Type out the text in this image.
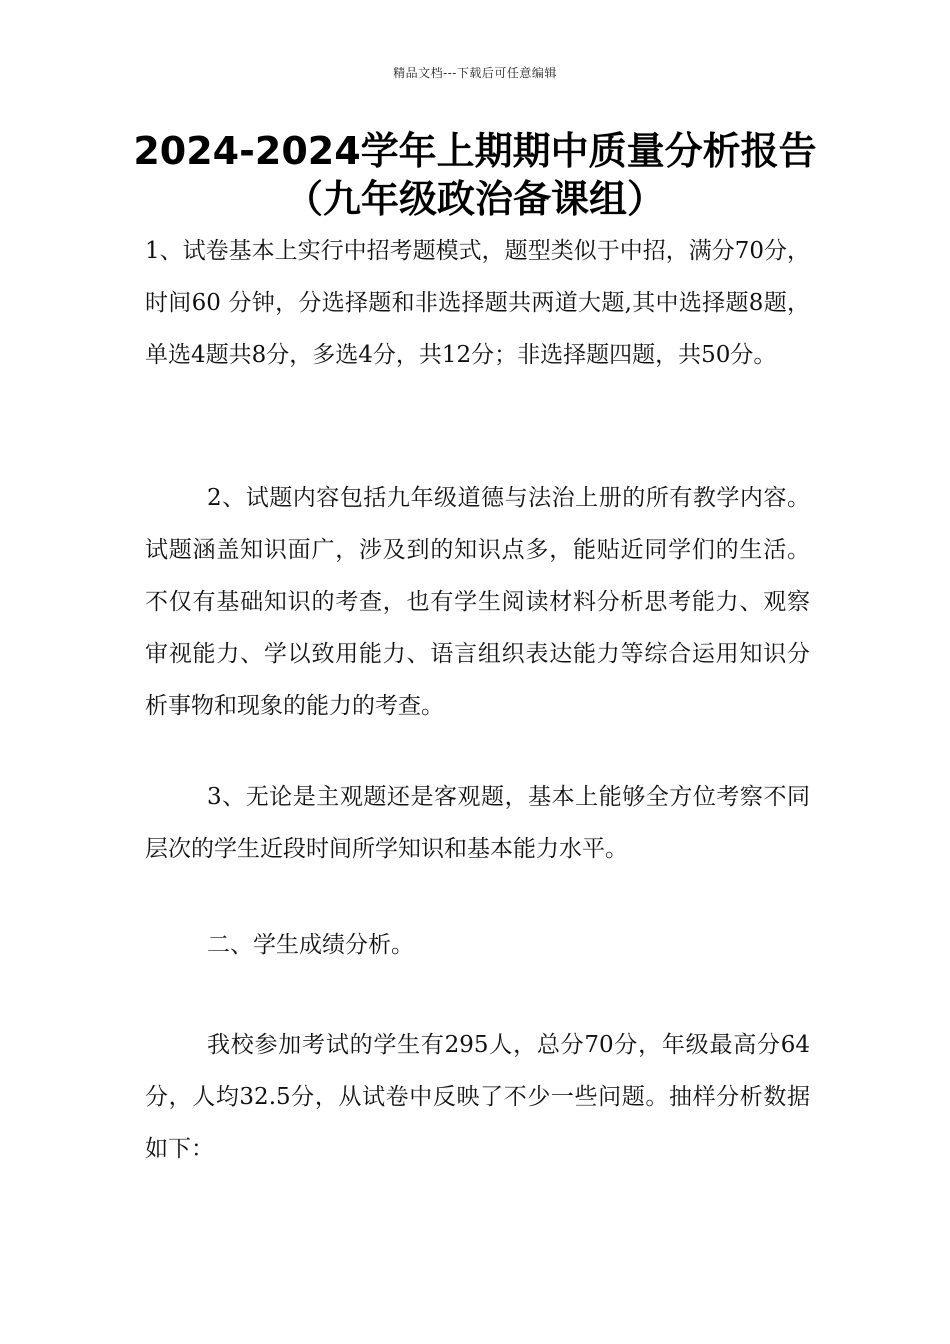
精品文档---下载后可任意编辑
2024-2024学年上期期中质量分析报告
（九年级政治备课组）

1、试卷基本上实行中招考题模式，题型类似于中招，满分70分，时间60 分钟，分选择题和非选择题共两道大题,其中选择题8题，单选4题共8分，多选4分，共12分；非选择题四题，共50分。

2、试题内容包括九年级道德与法治上册的所有教学内容。试题涵盖知识面广，涉及到的知识点多，能贴近同学们的生活。不仅有基础知识的考查，也有学生阅读材料分析思考能力、观察审视能力、学以致用能力、语言组织表达能力等综合运用知识分析事物和现象的能力的考查。

3、无论是主观题还是客观题，基本上能够全方位考察不同层次的学生近段时间所学知识和基本能力水平。

二、学生成绩分析。

我校参加考试的学生有295人，总分70分，年级最高分64分，人均32.5分，从试卷中反映了不少一些问题。抽样分析数据如下：
